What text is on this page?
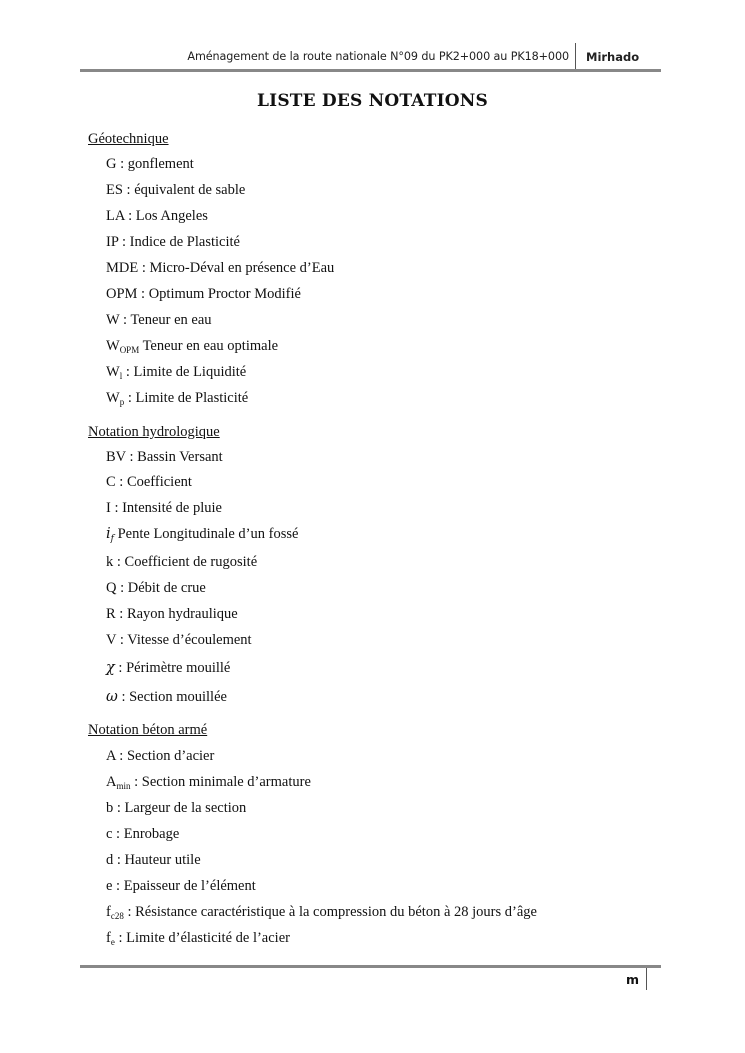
Aménagement de la route nationale N°09 du PK2+000 au PK18+000 Mirhado
LISTE DES NOTATIONS
Géotechnique
G : gonflement
ES : équivalent de sable
LA : Los Angeles
IP : Indice de Plasticité
MDE : Micro-Déval en présence d’Eau
OPM : Optimum Proctor Modifié
W : Teneur en eau
$W_{OPM}$ Teneur en eau optimale
$W_l$ : Limite de Liquidité
$W_p$ : Limite de Plasticité
Notation hydrologique
BV : Bassin Versant
C : Coefficient
I : Intensité de pluie
$i_f$ Pente Longitudinale d’un fossé
k : Coefficient de rugosité
Q : Débit de crue
R : Rayon hydraulique
V : Vitesse d’écoulement
χ : Périmètre mouillé
ω : Section mouillée
Notation béton armé
A : Section d’acier
$A_{min}$ : Section minimale d’armature
b : Largeur de la section
c : Enrobage
d : Hauteur utile
e : Epaisseur de l’élément
$f_{c28}$ : Résistance caractéristique à la compression du béton à 28 jours d’âge
$f_e$ : Limite d’élasticité de l’acier
m
